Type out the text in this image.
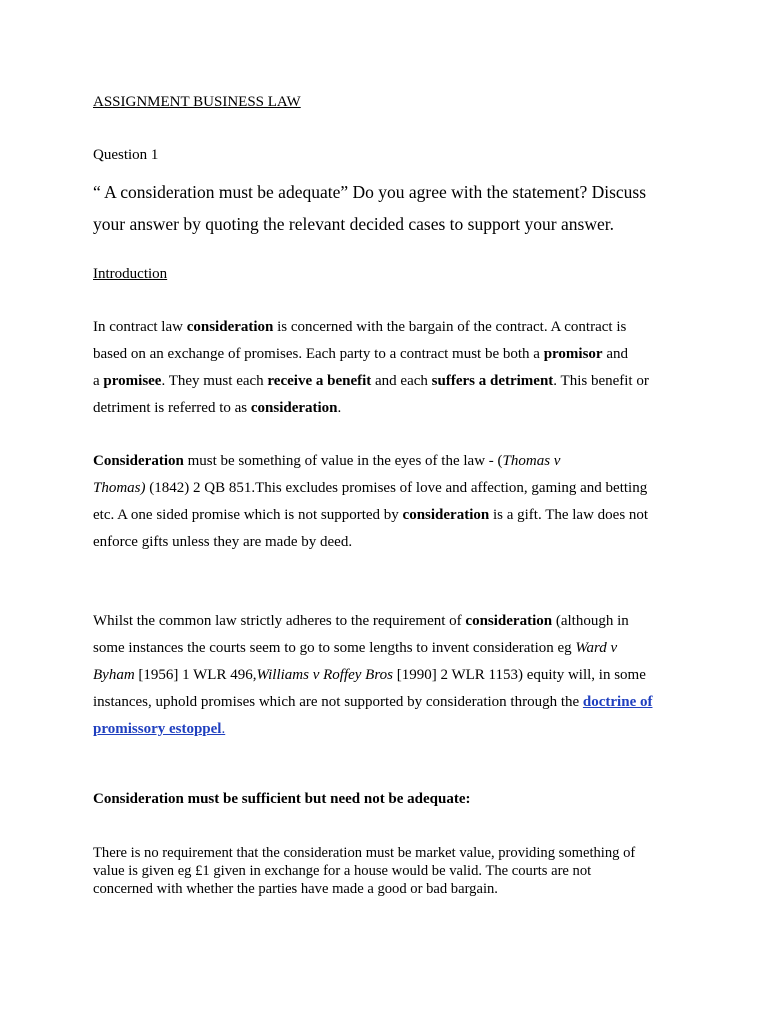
ASSIGNMENT BUSINESS LAW
Question 1
“ A consideration must be adequate” Do you agree with the statement? Discuss
your answer by quoting the relevant decided cases to support your answer.
Introduction
In contract law consideration is concerned with the bargain of the contract. A contract is
based on an exchange of promises. Each party to a contract must be both a promisor and
a promisee. They must each receive a benefit and each suffers a detriment. This benefit or
detriment is referred to as consideration.
Consideration must be something of value in the eyes of the law - (Thomas v
Thomas) (1842) 2 QB 851.This excludes promises of love and affection, gaming and betting
etc. A one sided promise which is not supported by consideration is a gift. The law does not
enforce gifts unless they are made by deed.
Whilst the common law strictly adheres to the requirement of consideration (although in
some instances the courts seem to go to some lengths to invent consideration eg Ward v
Byham [1956] 1 WLR 496,Williams v Roffey Bros [1990] 2 WLR 1153) equity will, in some
instances, uphold promises which are not supported by consideration through the doctrine of
promissory estoppel.
Consideration must be sufficient but need not be adequate:
There is no requirement that the consideration must be market value, providing something of
value is given eg £1 given in exchange for a house would be valid. The courts are not
concerned with whether the parties have made a good or bad bargain.
